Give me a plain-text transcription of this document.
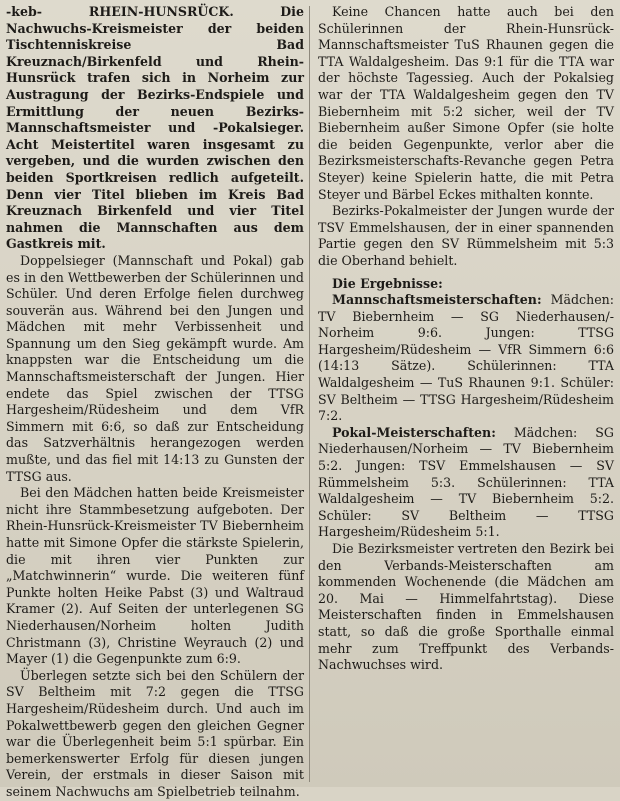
-keb- RHEIN-HUNSRÜCK.	Die Nachwuchs-Kreismeister der beiden Tischtenniskreise Bad Kreuznach/Birkenfeld und Rhein-Hunsrück trafen sich in Norheim zur Austragung der Bezirks-Endspiele und Ermittlung der neuen Bezirks-Mannschaftsmeister und -Pokalsieger. Acht Meistertitel waren insgesamt zu vergeben, und die wurden zwischen den beiden Sportkreisen redlich aufgeteilt. Denn vier Titel blieben im Kreis Bad Kreuznach Birkenfeld und vier Titel nahmen die Mannschaften aus dem Gastkreis mit.

Doppelsieger (Mannschaft und Pokal) gab es in den Wettbewerben der Schülerinnen und Schüler. Und deren Erfolge fielen durchweg souverän aus. Während bei den Jungen und Mädchen mit mehr Verbissenheit und Spannung um den Sieg gekämpft wurde. Am knappsten war die Entscheidung um die Mannschaftsmeisterschaft der Jungen. Hier endete das Spiel zwischen der TTSG Hargesheim/Rüdesheim und dem VfR Simmern mit 6:6, so daß zur Entscheidung das Satzverhältnis herangezogen werden mußte, und das fiel mit 14:13 zu Gunsten der TTSG aus.

Bei den Mädchen hatten beide Kreismeister nicht ihre Stammbesetzung aufgeboten. Der Rhein-Hunsrück-Kreismeister TV Biebernheim hatte mit Simone Opfer die stärkste Spielerin, die mit ihren vier Punkten zur „Matchwinnerin“ wurde. Die weiteren fünf Punkte holten Heike Pabst (3) und Waltraud Kramer (2). Auf Seiten der unterlegenen SG Niederhausen/Norheim holten Judith Christmann (3), Christine Weyrauch (2) und Mayer (1) die Gegenpunkte zum 6:9.

Überlegen setzte sich bei den Schülern der SV Beltheim mit 7:2 gegen die TTSG Hargesheim/Rüdesheim durch. Und auch im Pokalwettbewerb gegen den gleichen Gegner war die Überlegenheit beim 5:1 spürbar. Ein bemerkenswerter Erfolg für diesen jungen Verein, der erstmals in dieser Saison mit seinem Nachwuchs am Spielbetrieb teilnahm.

Keine Chancen hatte auch bei den Schülerinnen der Rhein-Hunsrück-Mannschaftsmeister TuS Rhaunen gegen die TTA Waldalgesheim. Das 9:1 für die TTA war der höchste Tagessieg. Auch der Pokalsieg war der TTA Waldalgesheim gegen den TV Biebernheim mit 5:2 sicher, weil der TV Biebernheim außer Simone Opfer (sie holte die beiden Gegenpunkte, verlor aber die Bezirksmeisterschafts-Revanche gegen Petra Steyer) keine Spielerin hatte, die mit Petra Steyer und Bärbel Eckes mithalten konnte.

Bezirks-Pokalmeister der Jungen wurde der TSV Emmelshausen, der in einer spannenden Partie gegen den SV Rümmelsheim mit 5:3 die Oberhand behielt.

Die Ergebnisse:

Mannschaftsmeisterschaften: Mädchen: TV Biebernheim — SG Niederhausen/-Norheim 9:6. Jungen: TTSG Hargesheim/Rüdesheim — VfR Simmern 6:6 (14:13 Sätze). Schülerinnen: TTA Waldalgesheim — TuS Rhaunen 9:1. Schüler: SV Beltheim — TTSG Hargesheim/Rüdesheim 7:2.

Pokal-Meisterschaften: Mädchen: SG Niederhausen/Norheim — TV Biebernheim 5:2. Jungen: TSV Emmelshausen — SV Rümmelsheim 5:3. Schülerinnen: TTA Waldalgesheim — TV Biebernheim 5:2. Schüler: SV Beltheim — TTSG Hargesheim/Rüdesheim 5:1.

Die Bezirksmeister vertreten den Bezirk bei den Verbands-Meisterschaften am kommenden Wochenende (die Mädchen am 20. Mai — Himmelfahrtstag). Diese Meisterschaften finden in Emmelshausen statt, so daß die große Sporthalle einmal mehr zum Treffpunkt des Verbands-Nachwuchses wird.
